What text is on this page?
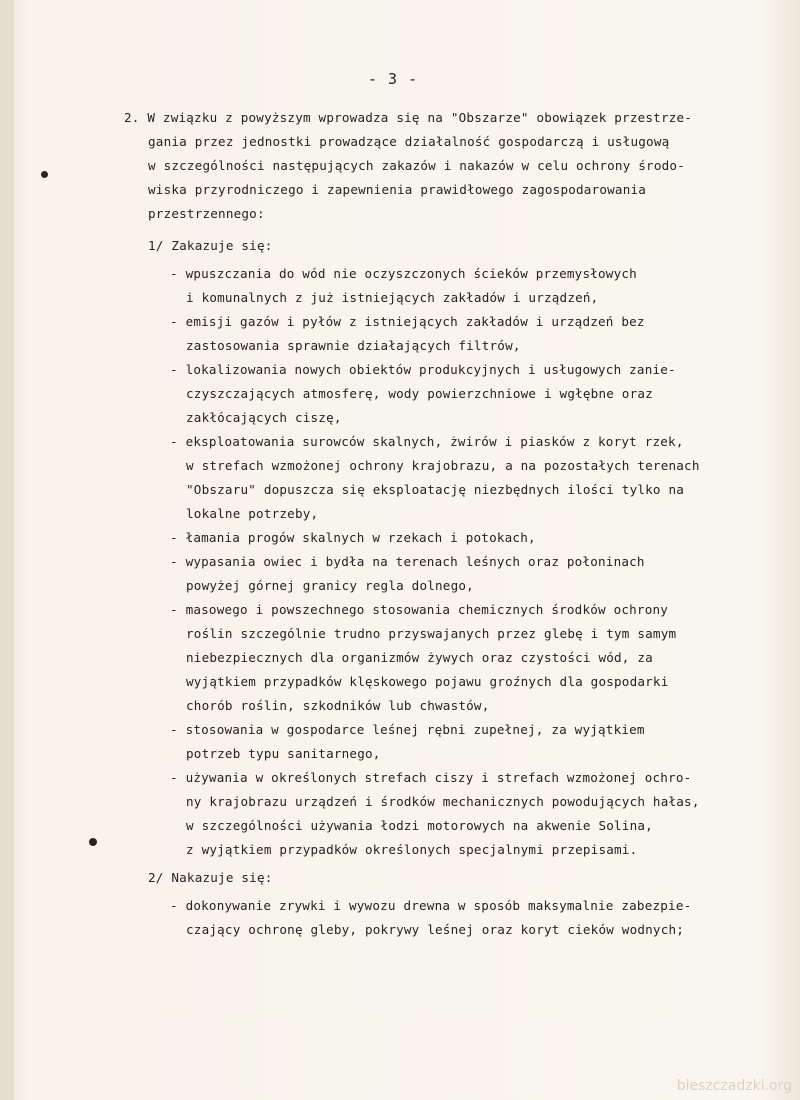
- 3 -
2. W związku z powyższym wprowadza się na "Obszarze" obowiązek przestrze-
gania przez jednostki prowadzące działalność gospodarczą i usługową
w szczególności następujących zakazów i nakazów w celu ochrony środo-
wiska przyrodniczego i zapewnienia prawidłowego zagospodarowania
przestrzennego:
1/ Zakazuje się:
- wpuszczania do wód nie oczyszczonych ścieków przemysłowych
i komunalnych z już istniejących zakładów i urządzeń,
- emisji gazów i pyłów z istniejących zakładów i urządzeń bez
zastosowania sprawnie działających filtrów,
- lokalizowania nowych obiektów produkcyjnych i usługowych zanie-
czyszczających atmosferę, wody powierzchniowe i wgłębne oraz
zakłócających ciszę,
- eksploatowania surowców skalnych, żwirów i piasków z koryt rzek,
w strefach wzmożonej ochrony krajobrazu, a na pozostałych terenach
"Obszaru" dopuszcza się eksploatację niezbędnych ilości tylko na
lokalne potrzeby,
- łamania progów skalnych w rzekach i potokach,
- wypasania owiec i bydła na terenach leśnych oraz połoninach
powyżej górnej granicy regla dolnego,
- masowego i powszechnego stosowania chemicznych środków ochrony
roślin szczególnie trudno przyswajanych przez glebę i tym samym
niebezpiecznych dla organizmów żywych oraz czystości wód, za
wyjątkiem przypadków klęskowego pojawu groźnych dla gospodarki
chorób roślin, szkodników lub chwastów,
- stosowania w gospodarce leśnej rębni zupełnej, za wyjątkiem
potrzeb typu sanitarnego,
- używania w określonych strefach ciszy i strefach wzmożonej ochro-
ny krajobrazu urządzeń i środków mechanicznych powodujących hałas,
w szczególności używania łodzi motorowych na akwenie Solina,
z wyjątkiem przypadków określonych specjalnymi przepisami.
2/ Nakazuje się:
- dokonywanie zrywki i wywozu drewna w sposób maksymalnie zabezpie-
czający ochronę gleby, pokrywy leśnej oraz koryt cieków wodnych;
bieszczadzki.org
